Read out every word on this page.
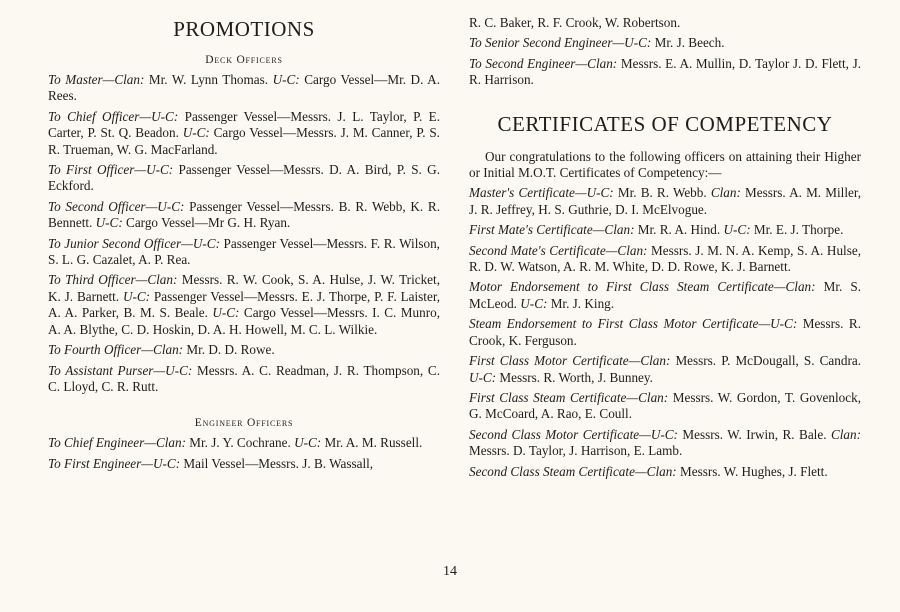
PROMOTIONS
Deck Officers

To Master—Clan: Mr. W. Lynn Thomas. U-C: Cargo Vessel—Mr. D. A. Rees.

To Chief Officer—U-C: Passenger Vessel—Messrs. J. L. Taylor, P. E. Carter, P. St. Q. Beadon. U-C: Cargo Vessel—Messrs. J. M. Canner, P. S. R. Trueman, W. G. MacFarland.

To First Officer—U-C: Passenger Vessel—Messrs. D. A. Bird, P. S. G. Eckford.

To Second Officer—U-C: Passenger Vessel—Messrs. B. R. Webb, K. R. Bennett. U-C: Cargo Vessel—Mr G. H. Ryan.

To Junior Second Officer—U-C: Passenger Vessel—Messrs. F. R. Wilson, S. L. G. Cazalet, A. P. Rea.

To Third Officer—Clan: Messrs. R. W. Cook, S. A. Hulse, J. W. Tricket, K. J. Barnett. U-C: Passenger Vessel—Messrs. E. J. Thorpe, P. F. Laister, A. A. Parker, B. M. S. Beale. U-C: Cargo Vessel—Messrs. I. C. Munro, A. A. Blythe, C. D. Hoskin, D. A. H. Howell, M. C. L. Wilkie.

To Fourth Officer—Clan: Mr. D. D. Rowe.

To Assistant Purser—U-C: Messrs. A. C. Readman, J. R. Thompson, C. C. Lloyd, C. R. Rutt.

Engineer Officers

To Chief Engineer—Clan: Mr. J. Y. Cochrane. U-C: Mr. A. M. Russell.

To First Engineer—U-C: Mail Vessel—Messrs. J. B. Wassall,

R. C. Baker, R. F. Crook, W. Robertson.

To Senior Second Engineer—U-C: Mr. J. Beech.

To Second Engineer—Clan: Messrs. E. A. Mullin, D. Taylor J. D. Flett, J. R. Harrison.

CERTIFICATES OF COMPETENCY

Our congratulations to the following officers on attaining their Higher or Initial M.O.T. Certificates of Competency:—

Master's Certificate—U-C: Mr. B. R. Webb. Clan: Messrs. A. M. Miller, J. R. Jeffrey, H. S. Guthrie, D. I. McElvogue.

First Mate's Certificate—Clan: Mr. R. A. Hind. U-C: Mr. E. J. Thorpe.

Second Mate's Certificate—Clan: Messrs. J. M. N. A. Kemp, S. A. Hulse, R. D. W. Watson, A. R. M. White, D. D. Rowe, K. J. Barnett.

Motor Endorsement to First Class Steam Certificate—Clan: Mr. S. McLeod. U-C: Mr. J. King.

Steam Endorsement to First Class Motor Certificate—U-C: Messrs. R. Crook, K. Ferguson.

First Class Motor Certificate—Clan: Messrs. P. McDougall, S. Candra. U-C: Messrs. R. Worth, J. Bunney.

First Class Steam Certificate—Clan: Messrs. W. Gordon, T. Govenlock, G. McCoard, A. Rao, E. Coull.

Second Class Motor Certificate—U-C: Messrs. W. Irwin, R. Bale. Clan: Messrs. D. Taylor, J. Harrison, E. Lamb.

Second Class Steam Certificate—Clan: Messrs. W. Hughes, J. Flett.

14
